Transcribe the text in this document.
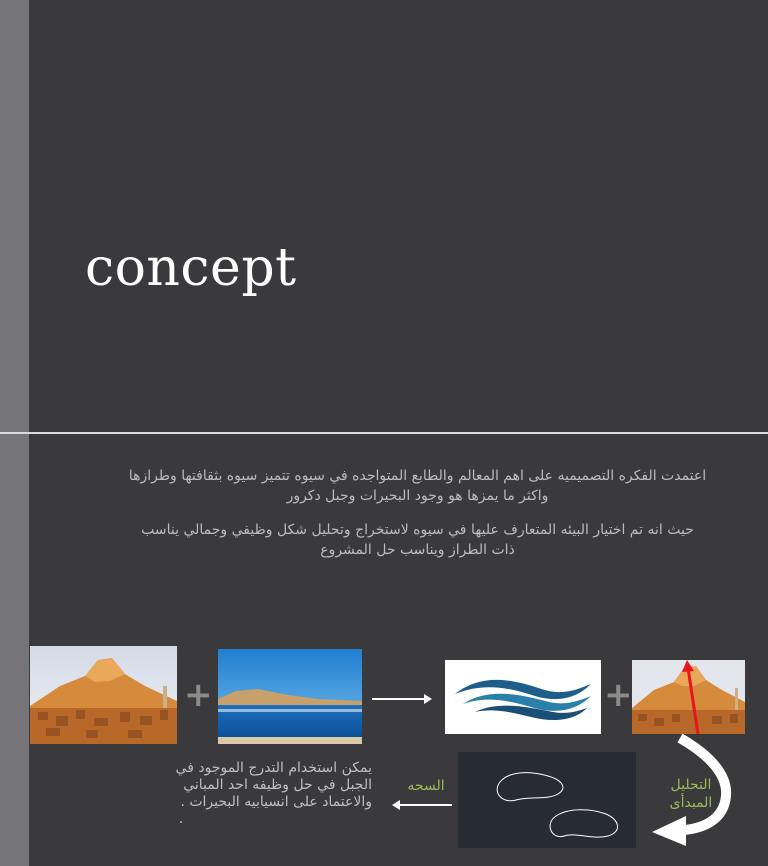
concept
اعتمدت الفكره التصميميه على اهم المعالم والطابع المتواجده في سيوه تتميز سيوه بثقافتها وطرازها واكثر ما يمزها هو وجود البحيرات وجبل دكرور
حيث انه تم اختيار البيئه المتعارف عليها في سيوه لاستخراج وتحليل شكل وظيفي وجمالي يناسب ذات الطراز ويناسب حل المشروع
+	+
التحليل
المبدأى
السحه
يمكن استخدام التدرج الموجود في
الجبل في حل وظيفه احد المباني
والاعتماد على انسيابيه البحيرات .
.
